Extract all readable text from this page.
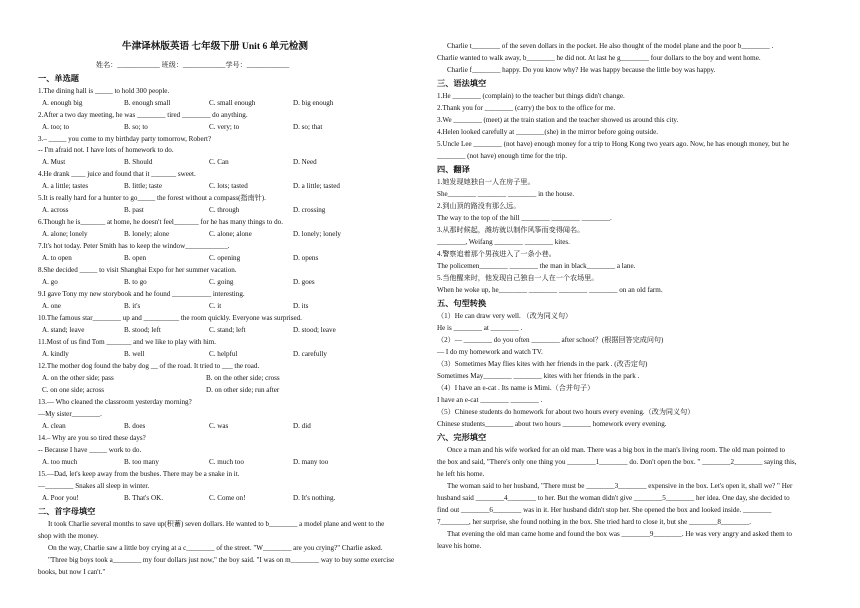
牛津译林版英语 七年级下册 Unit 6 单元检测
姓名：____________ 班级：____________学号：____________
一、单选题
1.The dining hall is _____ to hold 300 people.
A. enough big	B. enough small	C. small enough	D. big enough
2.After a two day meeting, he was ________ tired ________ do anything.
A. too; to	B. so; to	C. very; to	D. so; that
3.– _____ you come to my birthday party tomorrow, Robert?
-- I'm afraid not. I have lots of homework to do.
A. Must	B. Should	C. Can	D. Need
4.He drank ____ juice and found that it _______ sweet.
A. a little; tastes	B. little; taste	C. lots; tasted	D. a little; tasted
5.It is really hard for a hunter to go_____ the forest without a compass(指南针).
A. across	B. past	C. through	D. crossing
6.Though he is_______ at home, he doesn't feel_______ for he has many things to do.
A. alone; lonely	B. lonely; alone	C. alone; alone	D. lonely; lonely
7.It's hot today. Peter Smith has to keep the window____________.
A. to open	B. open	C. opening	D. opens
8.She decided _____ to visit Shanghai Expo for her summer vacation.
A. go	B. to go	C. going	D. goes
9.I gave Tony my new storybook and he found ___________ interesting.
A. one	B. it's	C. it	D. its
10.The famous star________ up and __________ the room quickly. Everyone was surprised.
A. stand; leave	B. stood; left	C. stand; left	D. stood; leave
11.Most of us find Tom _______ and we like to play with him.
A. kindly	B. well	C. helpful	D. carefully
12.The mother dog found the baby dog __ of the road. It tried to ___ the road.
A. on the other side; pass	B. on the other side; cross
C. on one side; across	D. on other side; run after
13.— Who cleaned the classroom yesterday morning?
—My sister________.
A. clean	B. does	C. was	D. did
14.– Why are you so tired these days?
-- Because I have _____ work to do.
A. too much	B. too many	C. much too	D. many too
15.—Dad, let's keep away from the bushes. There may be a snake in it.
—________ Snakes all sleep in winter.
A. Poor you!	B. That's OK.	C. Come on!	D. It's nothing.
二、首字母填空
It took Charlie several months to save up(积蓄) seven dollars. He wanted to b________ a model plane and went to the
shop with the money.
On the way, Charlie saw a little boy crying at a c________ of the street. "W________ are you crying?" Charlie asked.
"Three big boys took a________ my four dollars just now," the boy said. "I was on m________ way to buy some exercise
books, but now I can't."
Charlie t________ of the seven dollars in the pocket. He also thought of the model plane and the poor b________ .
Charlie wanted to walk away, b________ he did not. At last he g________ four dollars to the boy and went home.
Charlie f________ happy. Do you know why? He was happy because the little boy was happy.
三、语法填空
1.He ________ (complain) to the teacher but things didn't change.
2.Thank you for ________ (carry) the box to the office for me.
3.We ________ (meet) at the train station and the teacher showed us around this city.
4.Helen looked carefully at ________(she) in the mirror before going outside.
5.Uncle Lee ________ (not have) enough money for a trip to Hong Kong two years ago. Now, he has enough money, but he
________ (not have) enough time for the trip.
四、翻译
1.她发现她独自一人在房子里。
She________ ________ ________ in the house.
2.到山顶的路没有那么远。
The way to the top of the hill ________ ________ ________.
3.从那时候起，潍坊就以制作风筝而变得闻名。
________, Weifang ________ ________ kites.
4.警察追着那个男孩进入了一条小巷。
The policemen________ ________ the man in black________ a lane.
5.当他醒来时，他发现自己独自一人在一个农场里。
When he woke up, he________ ________ ________ ________ on an old farm.
五、句型转换
（1）He can draw very well. （改为同义句）
He is ________ at ________ .
（2）— ________ do you often ________ after school？(根据回答完成问句)
— I do my homework and watch TV.
（3）Sometimes May flies kites with her friends in the park . (改否定句)
Sometimes May________ ________ kites with her friends in the park .
（4）I have an e-cat . Its name is Mimi.（合并句子）
I have an e-cat ________ ________ .
（5）Chinese students do homework for about two hours every evening.（改为同义句）
Chinese students________ about two hours ________ homework every evening.
六、完形填空
Once a man and his wife worked for an old man. There was a big box in the man's living room. The old man pointed to
the box and said, "There's only one thing you ________1________ do. Don't open the box. " ________2________ saying this,
he left his home.
The woman said to her husband, "There must be ________3________ expensive in the box. Let's open it, shall we? " Her
husband said ________4________ to her. But the woman didn't give ________5________ her idea. One day, she decided to
find out ________6________ was in it. Her husband didn't stop her. She opened the box and looked inside. ________
7________, her surprise, she found nothing in the box. She tried hard to close it, but she ________8________.
That evening the old man came home and found the box was ________9________. He was very angry and asked them to
leave his home.
